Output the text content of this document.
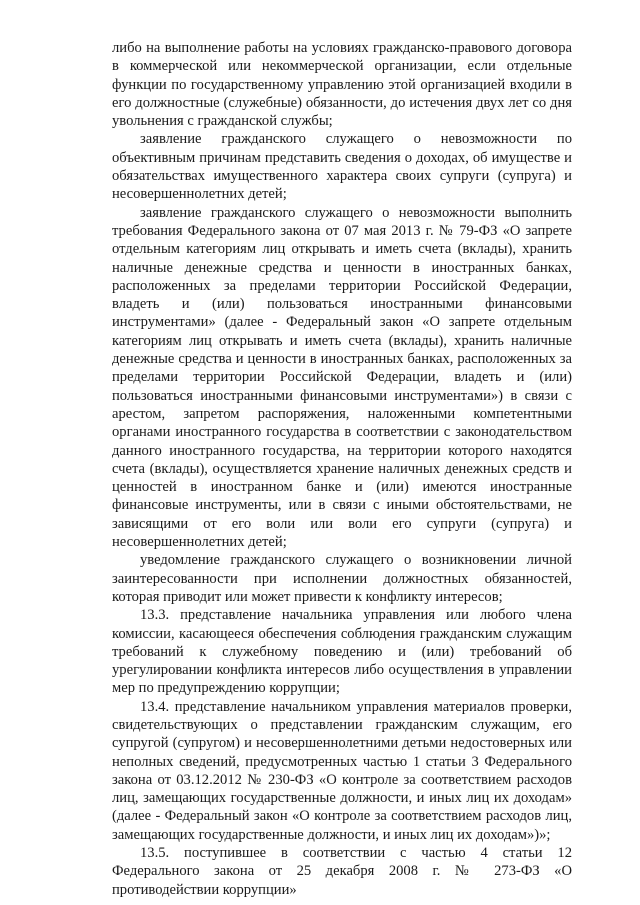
либо на выполнение работы на условиях гражданско-правового договора в коммерческой или некоммерческой организации, если отдельные функции по государственному управлению этой организацией входили в его должностные (служебные) обязанности, до истечения двух лет со дня увольнения с гражданской службы;

заявление гражданского служащего о невозможности по объективным причинам представить сведения о доходах, об имуществе и обязательствах имущественного характера своих супруги (супруга) и несовершеннолетних детей;

заявление гражданского служащего о невозможности выполнить требования Федерального закона от 07 мая 2013 г. № 79-ФЗ «О запрете отдельным категориям лиц открывать и иметь счета (вклады), хранить наличные денежные средства и ценности в иностранных банках, расположенных за пределами территории Российской Федерации, владеть и (или) пользоваться иностранными финансовыми инструментами» (далее - Федеральный закон «О запрете отдельным категориям лиц открывать и иметь счета (вклады), хранить наличные денежные средства и ценности в иностранных банках, расположенных за пределами территории Российской Федерации, владеть и (или) пользоваться иностранными финансовыми инструментами») в связи с арестом, запретом распоряжения, наложенными компетентными органами иностранного государства в соответствии с законодательством данного иностранного государства, на территории которого находятся счета (вклады), осуществляется хранение наличных денежных средств и ценностей в иностранном банке и (или) имеются иностранные финансовые инструменты, или в связи с иными обстоятельствами, не зависящими от его воли или воли его супруги (супруга) и несовершеннолетних детей;

уведомление гражданского служащего о возникновении личной заинтересованности при исполнении должностных обязанностей, которая приводит или может привести к конфликту интересов;

13.3. представление начальника управления или любого члена комиссии, касающееся обеспечения соблюдения гражданским служащим требований к служебному поведению и (или) требований об урегулировании конфликта интересов либо осуществления в управлении мер по предупреждению коррупции;

13.4. представление начальником управления материалов проверки, свидетельствующих о представлении гражданским служащим, его супругой (супругом) и несовершеннолетними детьми недостоверных или неполных сведений, предусмотренных частью 1 статьи 3 Федерального закона от 03.12.2012 № 230-ФЗ «О контроле за соответствием расходов лиц, замещающих государственные должности, и иных лиц их доходам» (далее - Федеральный закон «О контроле за соответствием расходов лиц, замещающих государственные должности, и иных лиц их доходам»)»;

13.5. поступившее в соответствии с частью 4 статьи 12 Федерального закона от 25 декабря 2008 г. № 273-ФЗ «О противодействии коррупции»
